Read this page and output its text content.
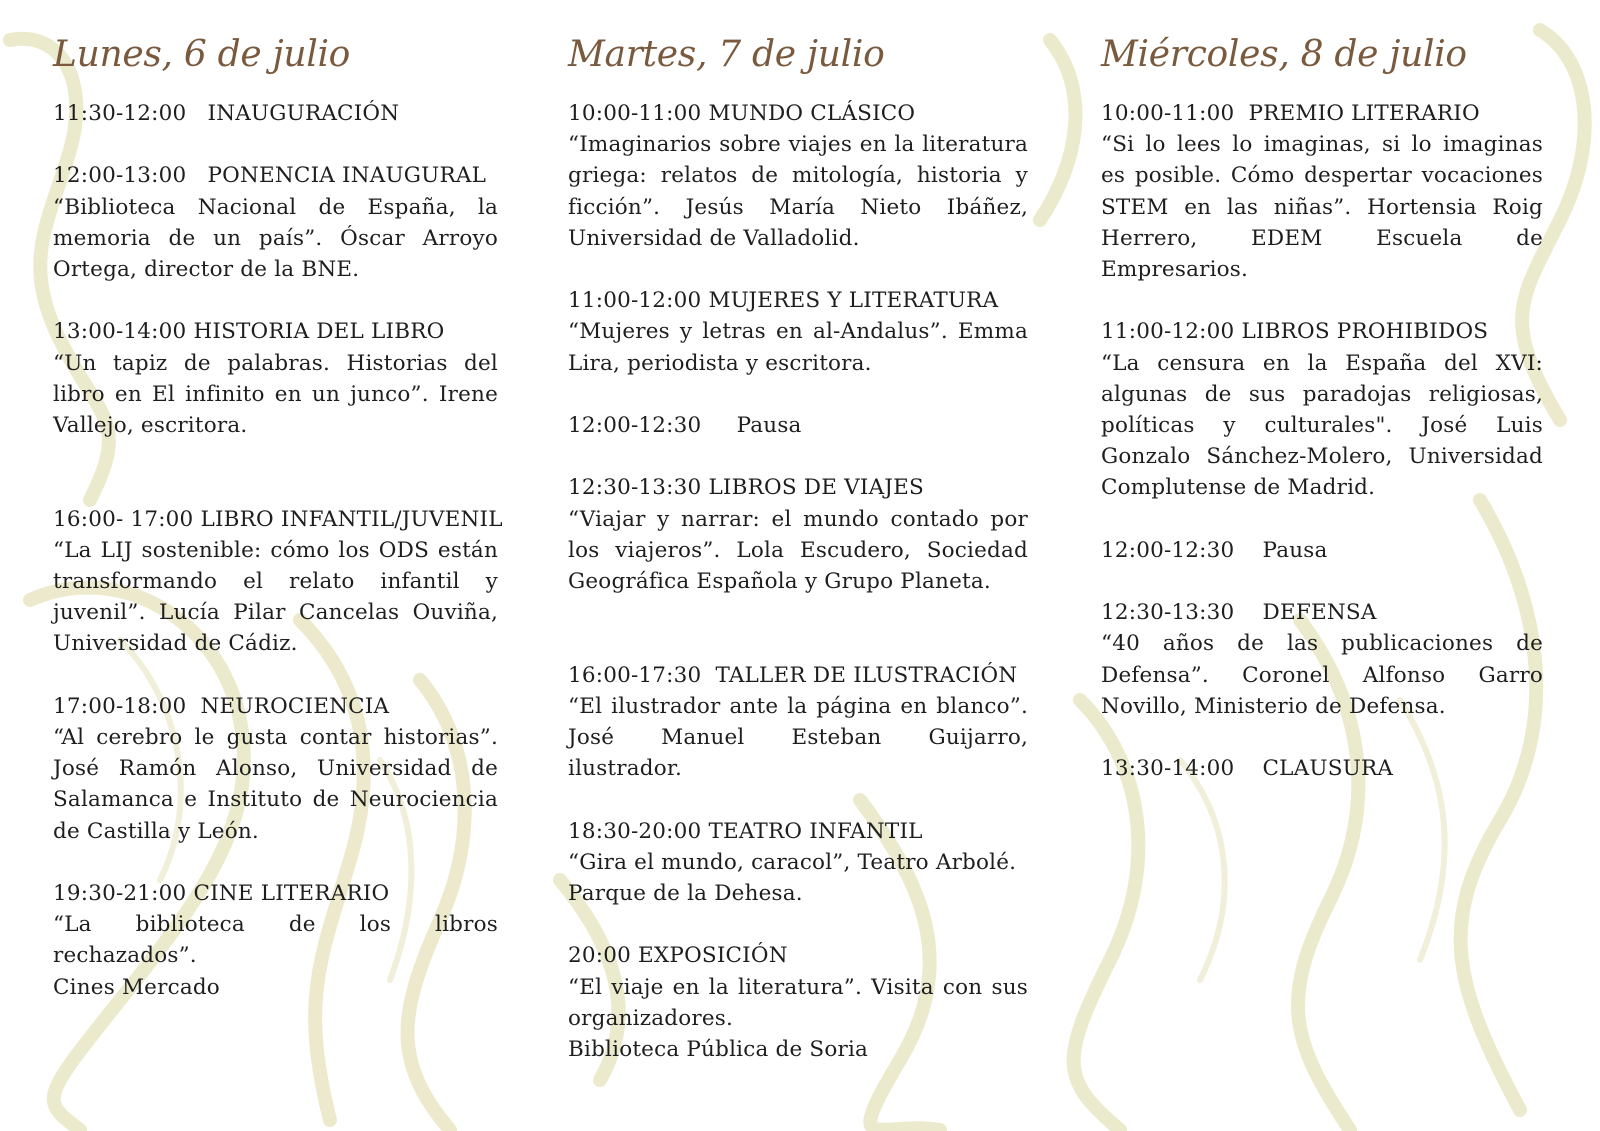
Lunes, 6 de julio
11:30-12:00 INAUGURACIÓN
12:00-13:00 PONENCIA INAUGURAL
“Biblioteca Nacional de España, la memoria de un país”. Óscar Arroyo Ortega, director de la BNE.
13:00-14:00 HISTORIA DEL LIBRO
“Un tapiz de palabras. Historias del libro en El infinito en un junco”. Irene Vallejo, escritora.
16:00- 17:00 LIBRO INFANTIL/JUVENIL
“La LIJ sostenible: cómo los ODS están transformando el relato infantil y juvenil”. Lucía Pilar Cancelas Ouviña, Universidad de Cádiz.
17:00-18:00 NEUROCIENCIA
“Al cerebro le gusta contar historias”. José Ramón Alonso, Universidad de Salamanca e Instituto de Neurociencia de Castilla y León.
19:30-21:00 CINE LITERARIO
“La biblioteca de los libros rechazados”.
Cines Mercado
Martes, 7 de julio
10:00-11:00 MUNDO CLÁSICO
“Imaginarios sobre viajes en la literatura griega: relatos de mitología, historia y ficción”. Jesús María Nieto Ibáñez, Universidad de Valladolid.
11:00-12:00 MUJERES Y LITERATURA
“Mujeres y letras en al-Andalus”. Emma Lira, periodista y escritora.
12:00-12:30 Pausa
12:30-13:30 LIBROS DE VIAJES
“Viajar y narrar: el mundo contado por los viajeros”. Lola Escudero, Sociedad Geográfica Española y Grupo Planeta.
16:00-17:30 TALLER DE ILUSTRACIÓN
“El ilustrador ante la página en blanco”. José Manuel Esteban Guijarro, ilustrador.
18:30-20:00 TEATRO INFANTIL
“Gira el mundo, caracol”, Teatro Arbolé.
Parque de la Dehesa.
20:00 EXPOSICIÓN
“El viaje en la literatura”. Visita con sus organizadores.
Biblioteca Pública de Soria
Miércoles, 8 de julio
10:00-11:00 PREMIO LITERARIO
“Si lo lees lo imaginas, si lo imaginas es posible. Cómo despertar vocaciones STEM en las niñas”. Hortensia Roig Herrero, EDEM Escuela de Empresarios.
11:00-12:00 LIBROS PROHIBIDOS
“La censura en la España del XVI: algunas de sus paradojas religiosas, políticas y culturales". José Luis Gonzalo Sánchez-Molero, Universidad Complutense de Madrid.
12:00-12:30 Pausa
12:30-13:30 DEFENSA
“40 años de las publicaciones de Defensa”. Coronel Alfonso Garro Novillo, Ministerio de Defensa.
13:30-14:00 CLAUSURA
